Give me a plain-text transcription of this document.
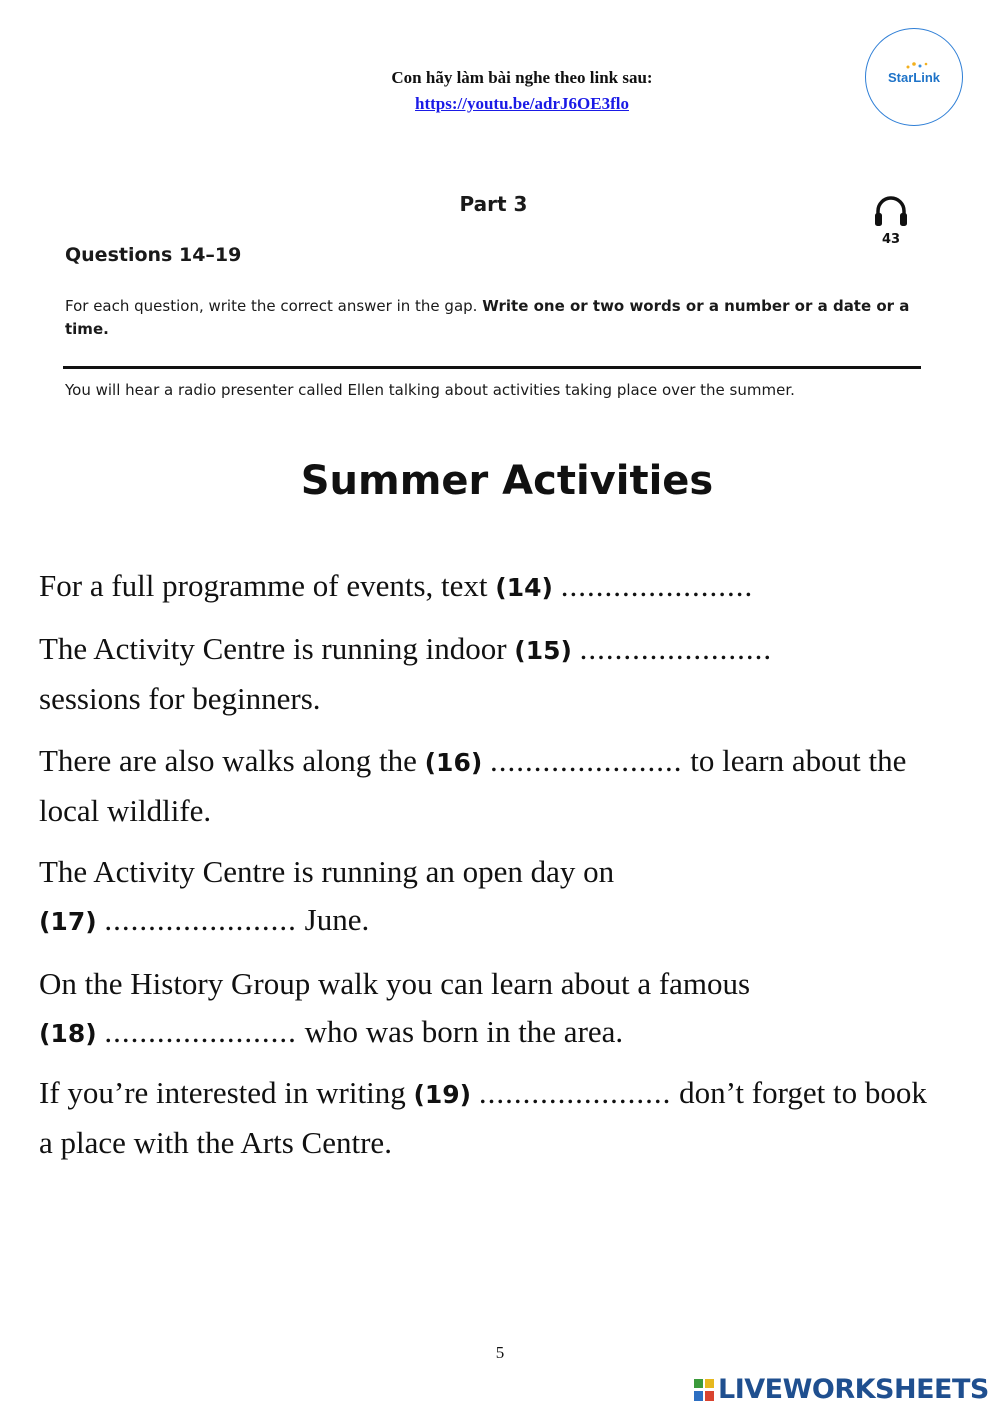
Con hãy làm bài nghe theo link sau:
https://youtu.be/adrJ6OE3flo
StarLink
Part 3
43
Questions 14–19
For each question, write the correct answer in the gap. Write one or two words or a number or a date or a time.
You will hear a radio presenter called Ellen talking about activities taking place over the summer.
Summer Activities
For a full programme of events, text (14) ......................
The Activity Centre is running indoor (15) ......................
sessions for beginners.
There are also walks along the (16) ...................... to learn about the local wildlife.
The Activity Centre is running an open day on
(17) ...................... June.
On the History Group walk you can learn about a famous
(18) ...................... who was born in the area.
If you’re interested in writing (19) ...................... don’t forget to book a place with the Arts Centre.
5
LIVEWORKSHEETS
